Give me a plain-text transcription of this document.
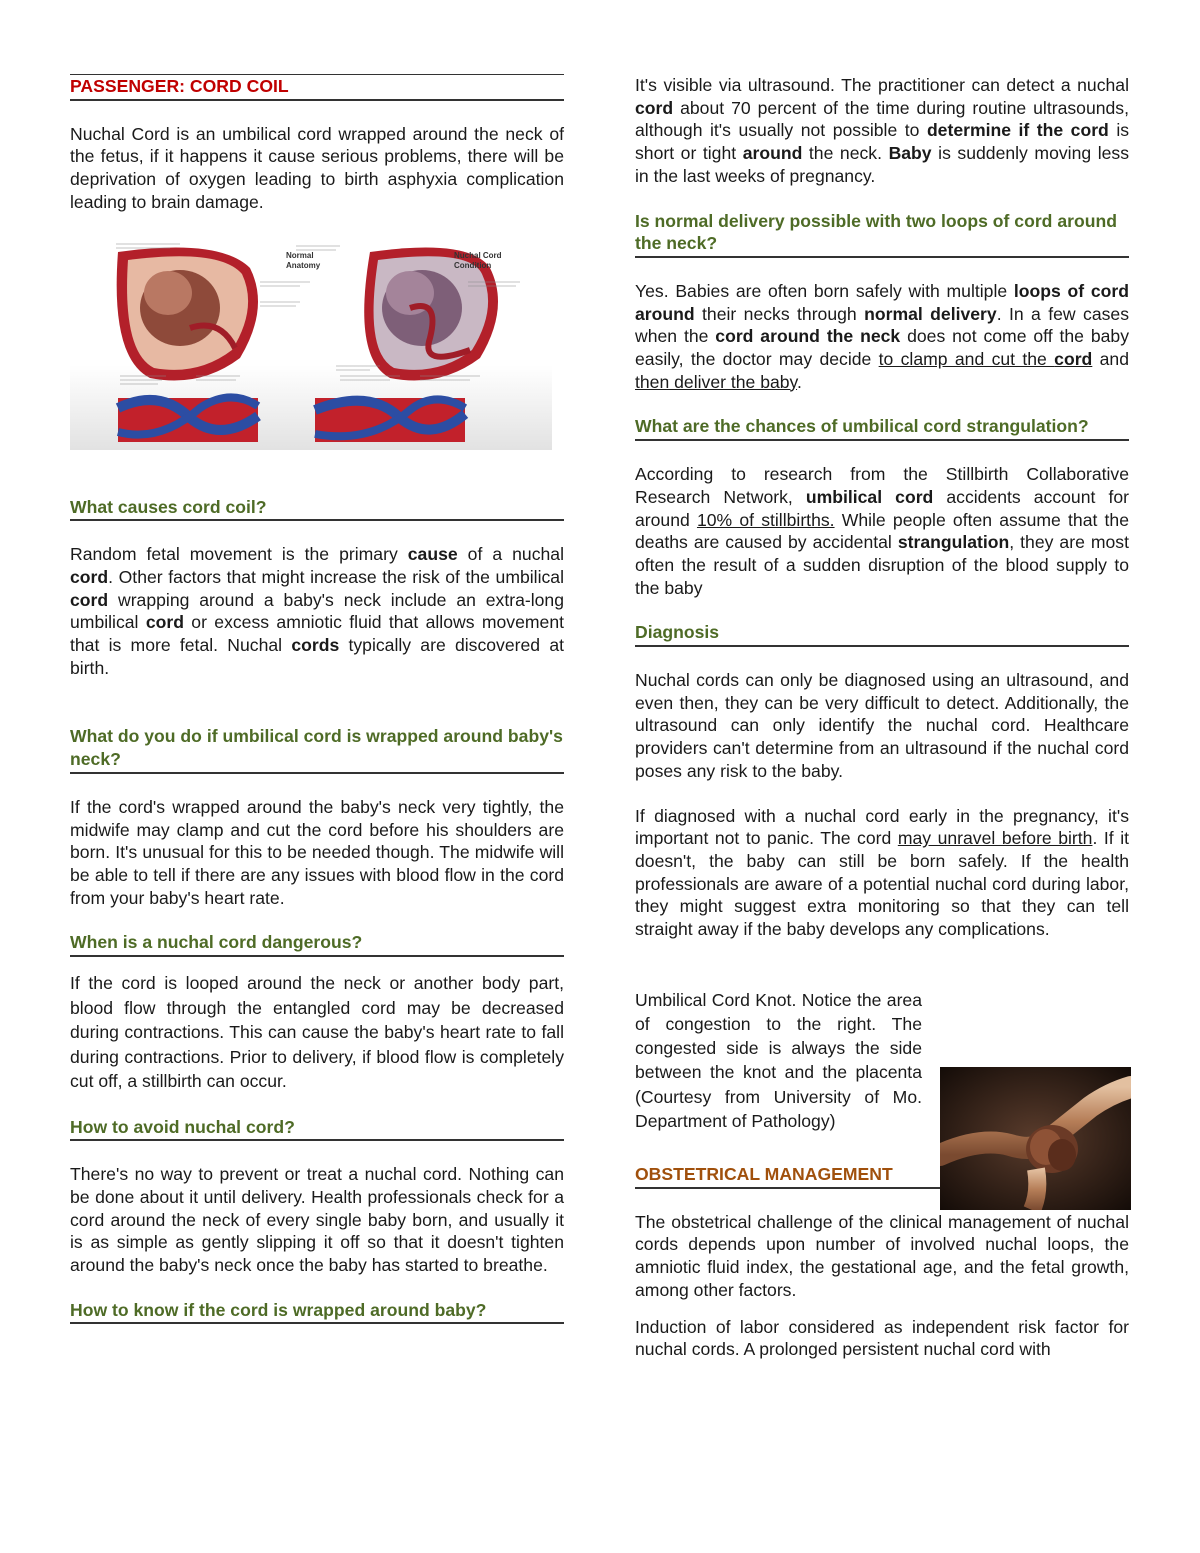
PASSENGER: CORD COIL

Nuchal Cord is an umbilical cord wrapped around the neck of the fetus, if it happens it cause serious problems, there will be deprivation of oxygen leading to birth asphyxia complication leading to brain damage.

Normal
Anatomy
Nuchal Cord
Condition
What causes cord coil?

Random fetal movement is the primary cause of a nuchal cord. Other factors that might increase the risk of the umbilical cord wrapping around a baby's neck include an extra-long umbilical cord or excess amniotic fluid that allows movement that is more fetal. Nuchal cords typically are discovered at birth.

What do you do if umbilical cord is wrapped around baby's neck?

If the cord's wrapped around the baby's neck very tightly, the midwife may clamp and cut the cord before his shoulders are born. It's unusual for this to be needed though. The midwife will be able to tell if there are any issues with blood flow in the cord from your baby's heart rate.

When is a nuchal cord dangerous?

If the cord is looped around the neck or another body part, blood flow through the entangled cord may be decreased during contractions. This can cause the baby's heart rate to fall during contractions. Prior to delivery, if blood flow is completely cut off, a stillbirth can occur.

How to avoid nuchal cord?

There's no way to prevent or treat a nuchal cord. Nothing can be done about it until delivery. Health professionals check for a cord around the neck of every single baby born, and usually it is as simple as gently slipping it off so that it doesn't tighten around the baby's neck once the baby has started to breathe.

How to know if the cord is wrapped around baby?

It's visible via ultrasound. The practitioner can detect a nuchal cord about 70 percent of the time during routine ultrasounds, although it's usually not possible to determine if the cord is short or tight around the neck. Baby is suddenly moving less in the last weeks of pregnancy.

Is normal delivery possible with two loops of cord around the neck?

Yes. Babies are often born safely with multiple loops of cord around their necks through normal delivery. In a few cases when the cord around the neck does not come off the baby easily, the doctor may decide to clamp and cut the cord and then deliver the baby.

What are the chances of umbilical cord strangulation?

According to research from the Stillbirth Collaborative Research Network, umbilical cord accidents account for around 10% of stillbirths. While people often assume that the deaths are caused by accidental strangulation, they are most often the result of a sudden disruption of the blood supply to the baby

Diagnosis

Nuchal cords can only be diagnosed using an ultrasound, and even then, they can be very difficult to detect. Additionally, the ultrasound can only identify the nuchal cord. Healthcare providers can't determine from an ultrasound if the nuchal cord poses any risk to the baby.

If diagnosed with a nuchal cord early in the pregnancy, it's important not to panic. The cord may unravel before birth. If it doesn't, the baby can still be born safely. If the health professionals are aware of a potential nuchal cord during labor, they might suggest extra monitoring so that they can tell straight away if the baby develops any complications.

Umbilical Cord Knot. Notice the area of congestion to the right. The congested side is always the side between the knot and the placenta (Courtesy from University of Mo. Department of Pathology)

OBSTETRICAL MANAGEMENT

The obstetrical challenge of the clinical management of nuchal cords depends upon number of involved nuchal loops, the amniotic fluid index, the gestational age, and the fetal growth, among other factors.

Induction of labor considered as independent risk factor for nuchal cords. A prolonged persistent nuchal cord with
